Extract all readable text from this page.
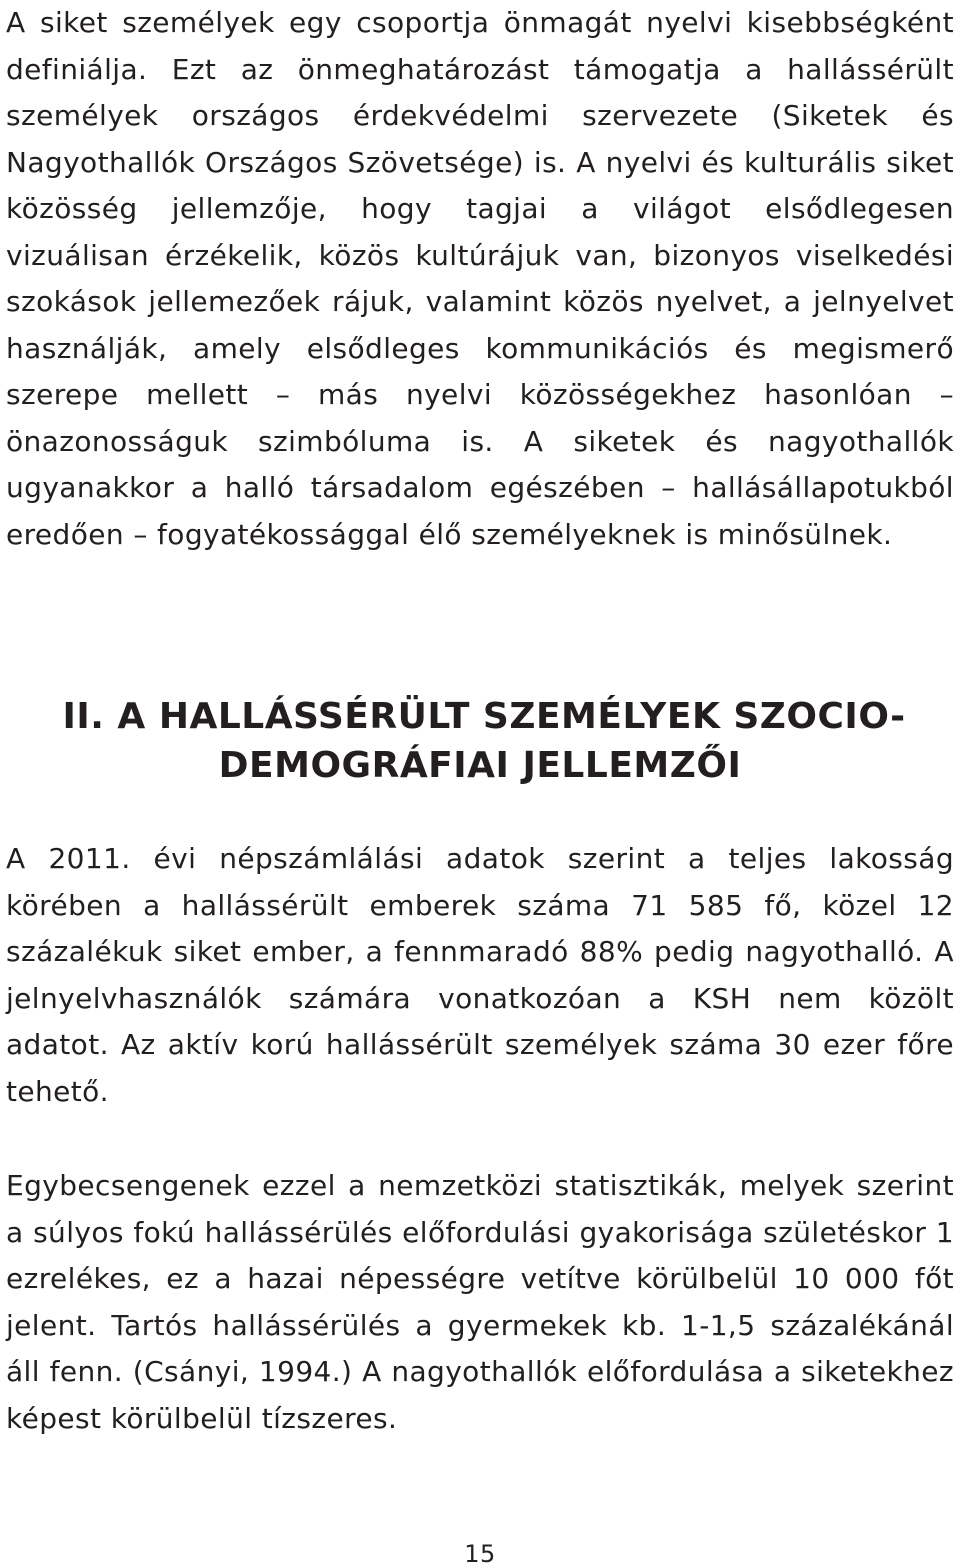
A siket személyek egy csoportja önmagát nyelvi kisebbségként definiálja. Ezt az önmeghatározást támogatja a hallássérült személyek országos érdekvédelmi szervezete (Siketek és Nagyothallók Országos Szövetsége) is. A nyelvi és kulturális siket közösség jellemzője, hogy tagjai a világot elsődlegesen vizuálisan érzékelik, közös kultúrájuk van, bizonyos viselkedési szokások jellemezőek rájuk, valamint közös nyelvet, a jelnyelvet használják, amely elsődleges kommunikációs és megismerő szerepe mellett – más nyelvi közösségekhez hasonlóan – önazonosságuk szimbóluma is. A siketek és nagyothallók ugyanakkor a halló társadalom egészében – hallásállapotukból eredően – fogyatékossággal élő személyeknek is minősülnek.

II. A HALLÁSSÉRÜLT SZEMÉLYEK SZOCIO-
DEMOGRÁFIAI JELLEMZŐI

A 2011. évi népszámlálási adatok szerint a teljes lakosság körében a hallássérült emberek száma 71 585 fő, közel 12 százalékuk siket ember, a fennmaradó 88% pedig nagyothalló. A jelnyelvhasználók számára vonatkozóan a KSH nem közölt adatot. Az aktív korú hallássérült személyek száma 30 ezer főre tehető.

Egybecsengenek ezzel a nemzetközi statisztikák, melyek szerint a súlyos fokú hallássérülés előfordulási gyakorisága születéskor 1 ezrelékes, ez a hazai népességre vetítve körülbelül 10 000 főt jelent. Tartós hallássérülés a gyermekek kb. 1-1,5 százalékánál áll fenn. (Csányi, 1994.) A nagyothallók előfordulása a siketekhez képest körülbelül tízszeres.

15
